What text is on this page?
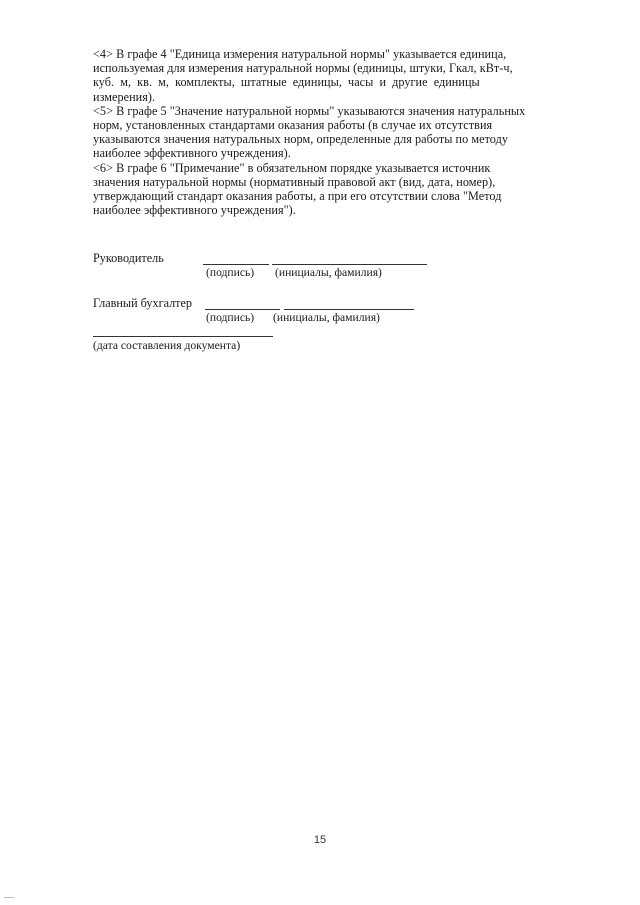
<4> В графе 4 "Единица измерения натуральной нормы" указывается единица,

используемая для измерения натуральной нормы (единицы, штуки, Гкал, кВт-ч,

куб. м, кв. м, комплекты, штатные единицы, часы и другие единицы

измерения).

<5> В графе 5 "Значение натуральной нормы" указываются значения натуральных

норм, установленных стандартами оказания работы (в случае их отсутствия

указываются значения натуральных норм, определенные для работы по методу

наиболее эффективного учреждения).

<6> В графе 6 "Примечание" в обязательном порядке указывается источник

значения натуральной нормы (нормативный правовой акт (вид, дата, номер),

утверждающий стандарт оказания работы, а при его отсутствии слова "Метод

наиболее эффективного учреждения").

Руководитель
(подпись) (инициалы, фамилия)
Главный бухгалтер
(подпись) (инициалы, фамилия)
(дата составления документа)
15
